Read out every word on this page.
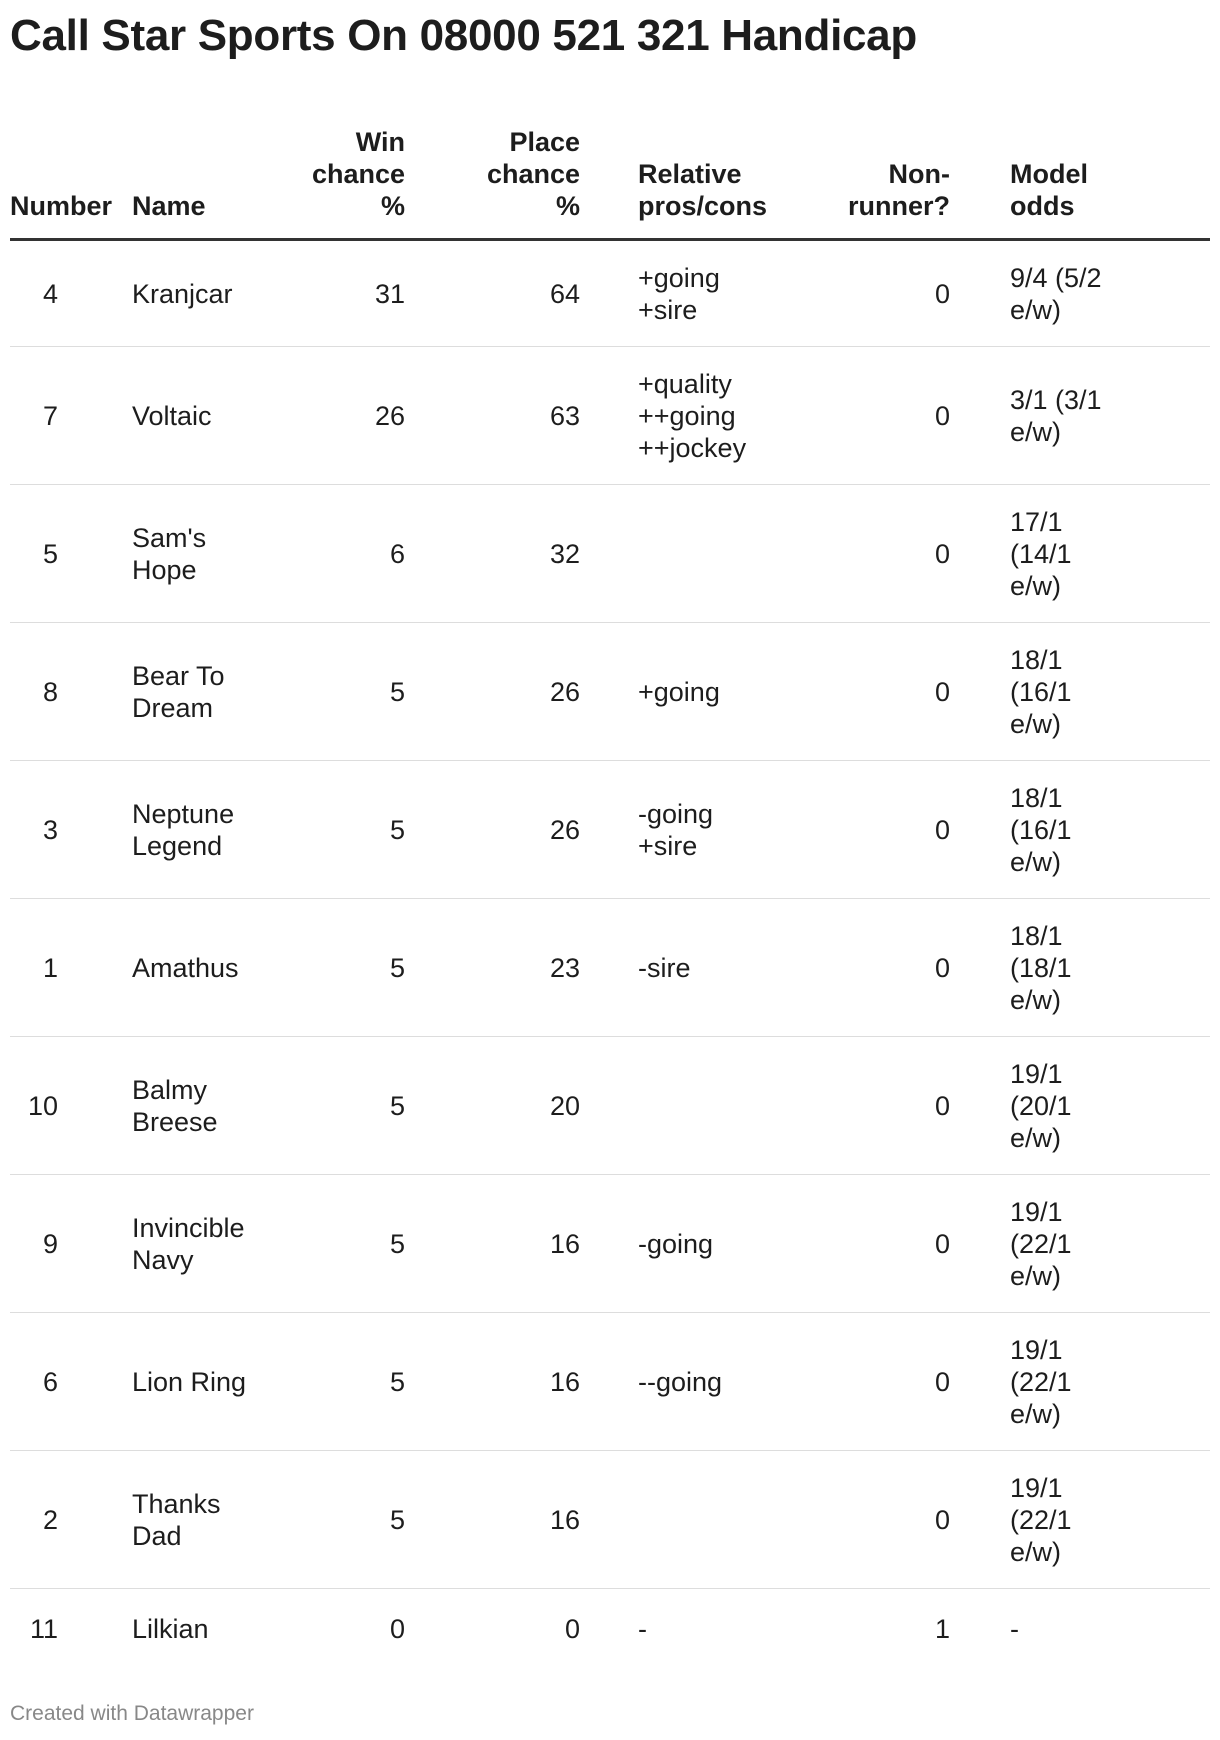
Call Star Sports On 08000 521 321 Handicap
Number	Name	Win chance %	Place chance %	Relative pros/cons	Non-runner?	Model odds

4	Kranjcar	31	64	+going
+sire	0	9/4 (5/2 e/w)

7	Voltaic	26	63	+quality
++going
++jockey	0	3/1 (3/1 e/w)

5	Sam's Hope	6	32		0	17/1 (14/1 e/w)

8	Bear To Dream	5	26	+going	0	18/1 (16/1 e/w)

3	Neptune Legend	5	26	-going
+sire	0	18/1 (16/1 e/w)

1	Amathus	5	23	-sire	0	18/1 (18/1 e/w)

10	Balmy Breese	5	20		0	19/1 (20/1 e/w)

9	Invincible Navy	5	16	-going	0	19/1 (22/1 e/w)

6	Lion Ring	5	16	--going	0	19/1 (22/1 e/w)

2	Thanks Dad	5	16		0	19/1 (22/1 e/w)

11	Lilkian	0	0	-	1	-
Created with Datawrapper
